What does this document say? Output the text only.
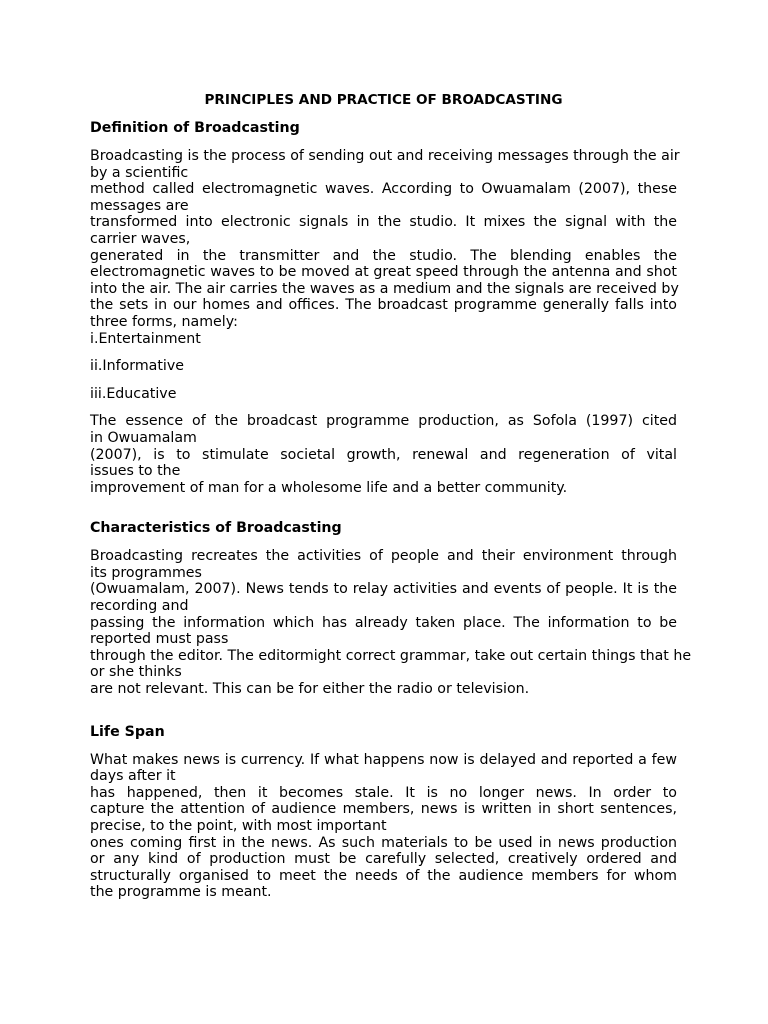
PRINCIPLES AND PRACTICE OF BROADCASTING
Definition of Broadcasting
Broadcasting is the process of sending out and receiving messages through the air
by a scientific
method called electromagnetic waves. According to Owuamalam (2007), these
messages are
transformed into electronic signals in the studio. It mixes the signal with the
carrier waves,
generated in the transmitter and the studio. The blending enables the
electromagnetic waves to be moved at great speed through the antenna and shot
into the air. The air carries the waves as a medium and the signals are received by
the sets in our homes and offices. The broadcast programme generally falls into
three forms, namely:
i.Entertainment
ii.Informative
iii.Educative
The essence of the broadcast programme production, as Sofola (1997) cited
in Owuamalam
(2007), is to stimulate societal growth, renewal and regeneration of vital
issues to the
improvement of man for a wholesome life and a better community.
Characteristics of Broadcasting
Broadcasting recreates the activities of people and their environment through
its programmes
(Owuamalam, 2007). News tends to relay activities and events of people. It is the
recording and
passing the information which has already taken place. The information to be
reported must pass
through the editor. The editormight correct grammar, take out certain things that he
or she thinks
are not relevant. This can be for either the radio or television.
Life Span
What makes news is currency. If what happens now is delayed and reported a few
days after it
has happened, then it becomes stale. It is no longer news. In order to
capture the attention of audience members, news is written in short sentences,
precise, to the point, with most important
ones coming first in the news. As such materials to be used in news production
or any kind of production must be carefully selected, creatively ordered and
structurally organised to meet the needs of the audience members for whom
the programme is meant.
